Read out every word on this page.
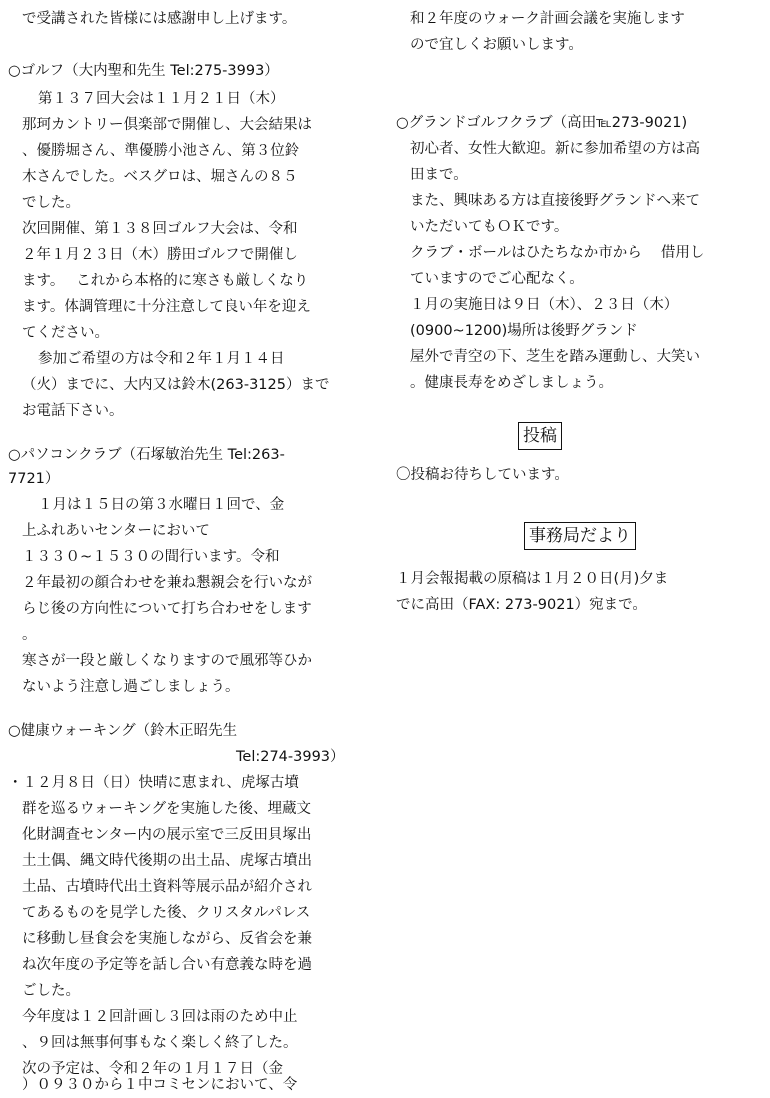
で受講された皆様には感謝申し上げます。
○ゴルフ（大内聖和先生 Tel:275-3993）
第１３７回大会は１１月２１日（木）
那珂カントリー倶楽部で開催し、大会結果は
、優勝堀さん、準優勝小池さん、第３位鈴
木さんでした。ベスグロは、堀さんの８５
でした。
次回開催、第１３８回ゴルフ大会は、令和
２年１月２３日（木）勝田ゴルフで開催し
ます。　 これから本格的に寒さも厳しくなり
ます。体調管理に十分注意して良い年を迎え
てください。
参加ご希望の方は令和２年１月１４日
（火）までに、大内又は鈴木(263-3125）まで
お電話下さい。
○パソコンクラブ（石塚敏治先生 Tel:263-
7721）
１月は１５日の第３水曜日１回で、金
上ふれあいセンターにおいて
１３３０~１５３０の間行います。令和
２年最初の顔合わせを兼ね懇親会を行いなが
らじ後の方向性について打ち合わせをします
。
寒さが一段と厳しくなりますので風邪等ひか
ないよう注意し過ごしましょう。
○健康ウォーキング（鈴木正昭先生
Tel:274-3993）
・１２月８日（日）快晴に恵まれ、虎塚古墳
群を巡るウォーキングを実施した後、埋蔵文
化財調査センター内の展示室で三反田貝塚出
土土偶、縄文時代後期の出土品、虎塚古墳出
土品、古墳時代出土資料等展示品が紹介され
てあるものを見学した後、クリスタルパレス
に移動し昼食会を実施しながら、反省会を兼
ね次年度の予定等を話し合い有意義な時を過
ごした。
今年度は１２回計画し３回は雨のため中止
、９回は無事何事もなく楽しく終了した。
次の予定は、令和２年の１月１７日（金
）０９３０から１中コミセンにおいて、令
和２年度のウォーク計画会議を実施します
ので宜しくお願いします。
○グランドゴルフクラブ（高田℡273-9021)
初心者、女性大歓迎。新に参加希望の方は高
田まで。
また、興味ある方は直接後野グランドへ来て
いただいてもＯＫです。
クラブ・ボールはひたちなか市から　 借用し
ていますのでご心配なく。
１月の実施日は９日（木）、２３日（木）
(0900~1200)場所は後野グランド
屋外で青空の下、芝生を踏み運動し、大笑い
。健康長寿をめざしましょう。
投稿
〇投稿お待ちしています。
事務局だより
１月会報掲載の原稿は１月２０日(月)夕ま
でに高田（FAX: 273-9021）宛まで。
